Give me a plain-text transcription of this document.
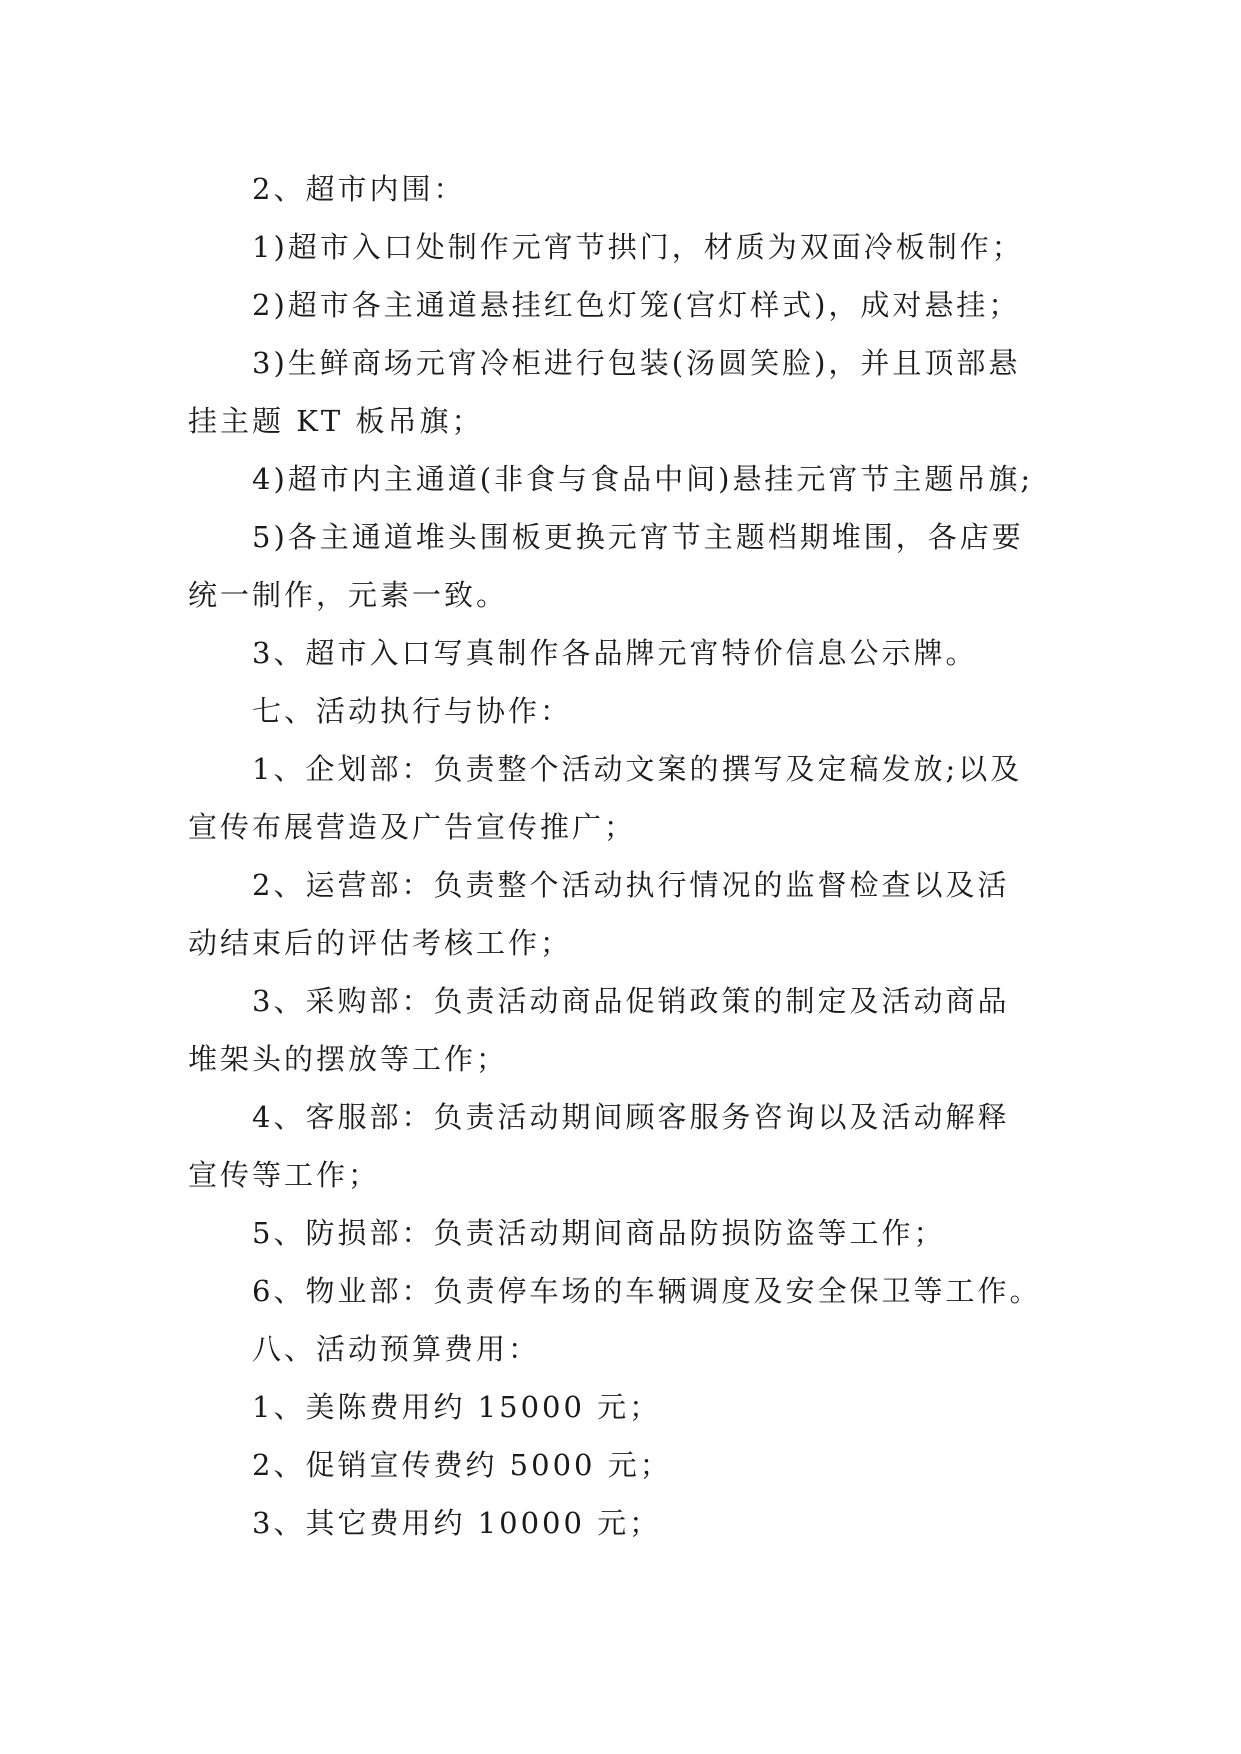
2、超市内围：

1)超市入口处制作元宵节拱门，材质为双面冷板制作；

2)超市各主通道悬挂红色灯笼(宫灯样式)，成对悬挂；

3)生鲜商场元宵冷柜进行包装(汤圆笑脸)，并且顶部悬

挂主题 KT 板吊旗；

4)超市内主通道(非食与食品中间)悬挂元宵节主题吊旗;

5)各主通道堆头围板更换元宵节主题档期堆围，各店要

统一制作，元素一致。

3、超市入口写真制作各品牌元宵特价信息公示牌。

七、活动执行与协作：

1、企划部：负责整个活动文案的撰写及定稿发放;以及

宣传布展营造及广告宣传推广；

2、运营部：负责整个活动执行情况的监督检查以及活

动结束后的评估考核工作；

3、采购部：负责活动商品促销政策的制定及活动商品

堆架头的摆放等工作；

4、客服部：负责活动期间顾客服务咨询以及活动解释

宣传等工作；

5、防损部：负责活动期间商品防损防盗等工作；

6、物业部：负责停车场的车辆调度及安全保卫等工作。

八、活动预算费用：

1、美陈费用约 15000 元；

2、促销宣传费约 5000 元；

3、其它费用约 10000 元；
